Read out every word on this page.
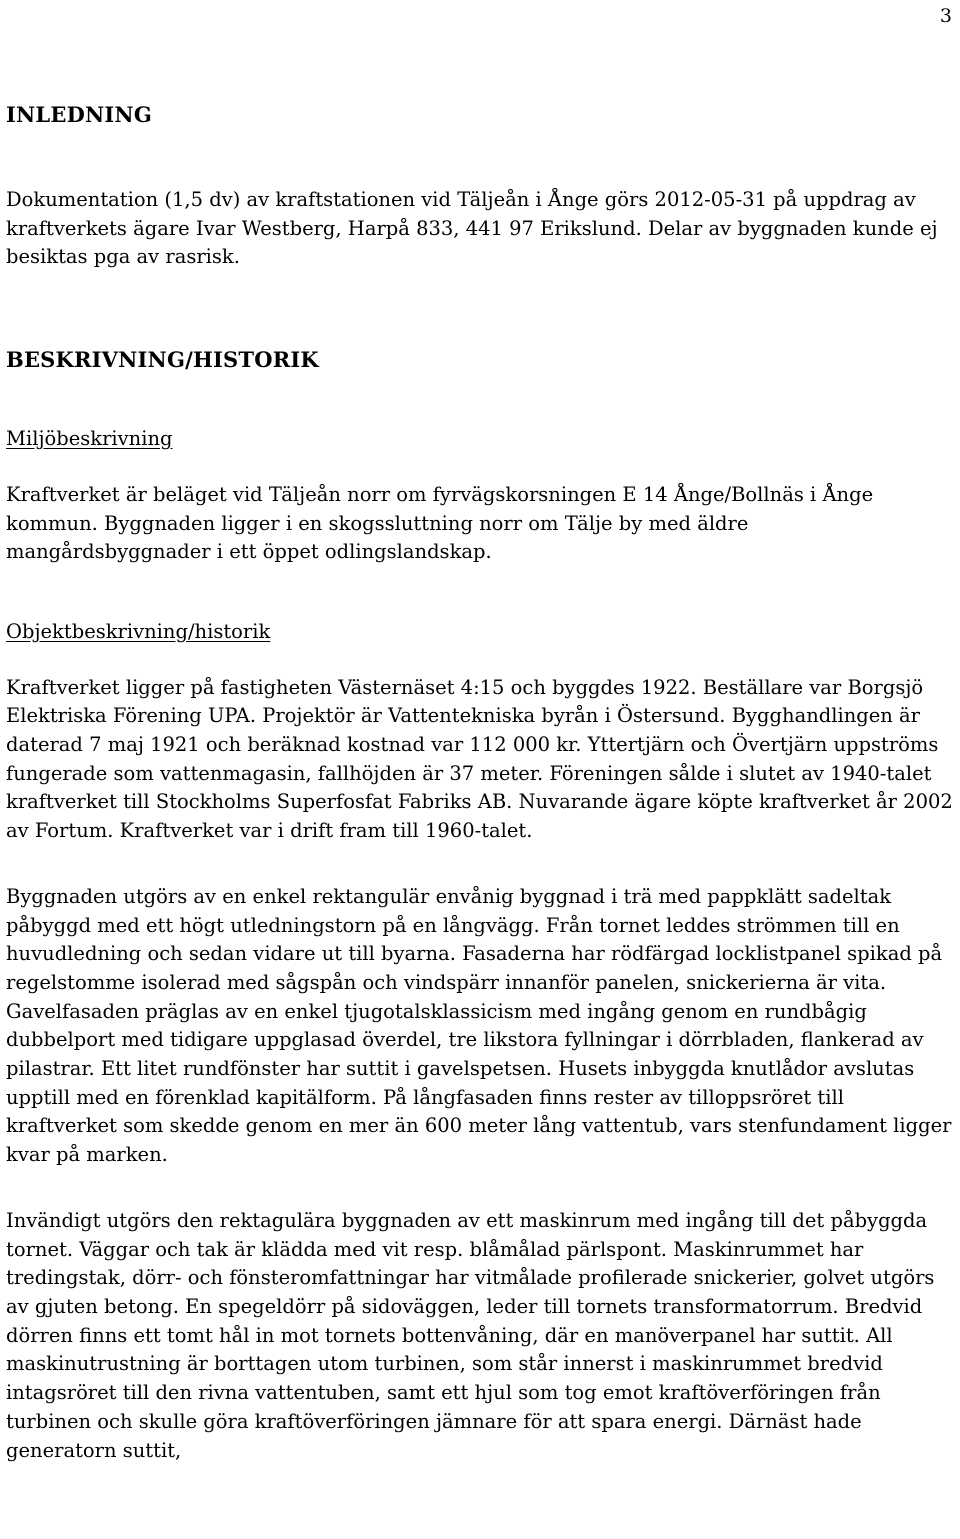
3
INLEDNING

Dokumentation (1,5 dv) av kraftstationen vid Täljeån i Ånge görs 2012-05-31 på uppdrag av kraftverkets ägare Ivar Westberg, Harpå 833, 441 97 Erikslund. Delar av byggnaden kunde ej besiktas pga av rasrisk.

BESKRIVNING/HISTORIK
Miljöbeskrivning

Kraftverket är beläget vid Täljeån norr om fyrvägskorsningen E 14 Ånge/Bollnäs i Ånge kommun. Byggnaden ligger i en skogssluttning norr om Tälje by med äldre mangårdsbyggnader i ett öppet odlingslandskap.

Objektbeskrivning/historik

Kraftverket ligger på fastigheten Västernäset 4:15 och byggdes 1922. Beställare var Borgsjö Elektriska Förening UPA. Projektör är Vattentekniska byrån i Östersund. Bygghandlingen är daterad 7 maj 1921 och beräknad kostnad var 112 000 kr. Yttertjärn och Övertjärn uppströms fungerade som vattenmagasin, fallhöjden är 37 meter. Föreningen sålde i slutet av 1940-talet kraftverket till Stockholms Superfosfat Fabriks AB. Nuvarande ägare köpte kraftverket år 2002 av Fortum. Kraftverket var i drift fram till 1960-talet.

Byggnaden utgörs av en enkel rektangulär envånig byggnad i trä med pappklätt sadeltak påbyggd med ett högt utledningstorn på en långvägg. Från tornet leddes strömmen till en huvudledning och sedan vidare ut till byarna. Fasaderna har rödfärgad locklistpanel spikad på regelstomme isolerad med sågspån och vindspärr innanför panelen, snickerierna är vita. Gavelfasaden präglas av en enkel tjugotalsklassicism med ingång genom en rundbågig dubbelport med tidigare uppglasad överdel, tre likstora fyllningar i dörrbladen, flankerad av pilastrar. Ett litet rundfönster har suttit i gavelspetsen. Husets inbyggda knutlådor avslutas upptill med en förenklad kapitälform. På långfasaden finns rester av tilloppsröret till kraftverket som skedde genom en mer än 600 meter lång vattentub, vars stenfundament ligger kvar på marken.

Invändigt utgörs den rektagulära byggnaden av ett maskinrum med ingång till det påbyggda tornet. Väggar och tak är klädda med vit resp. blåmålad pärlspont. Maskinrummet har tredingstak, dörr- och fönsteromfattningar har vitmålade profilerade snickerier, golvet utgörs av gjuten betong. En spegeldörr på sidoväggen, leder till tornets transformatorrum. Bredvid dörren finns ett tomt hål in mot tornets bottenvåning, där en manöverpanel har suttit. All maskinutrustning är borttagen utom turbinen, som står innerst i maskinrummet bredvid intagsröret till den rivna vattentuben, samt ett hjul som tog emot kraftöverföringen från turbinen och skulle göra kraftöverföringen jämnare för att spara energi. Därnäst hade generatorn suttit,
